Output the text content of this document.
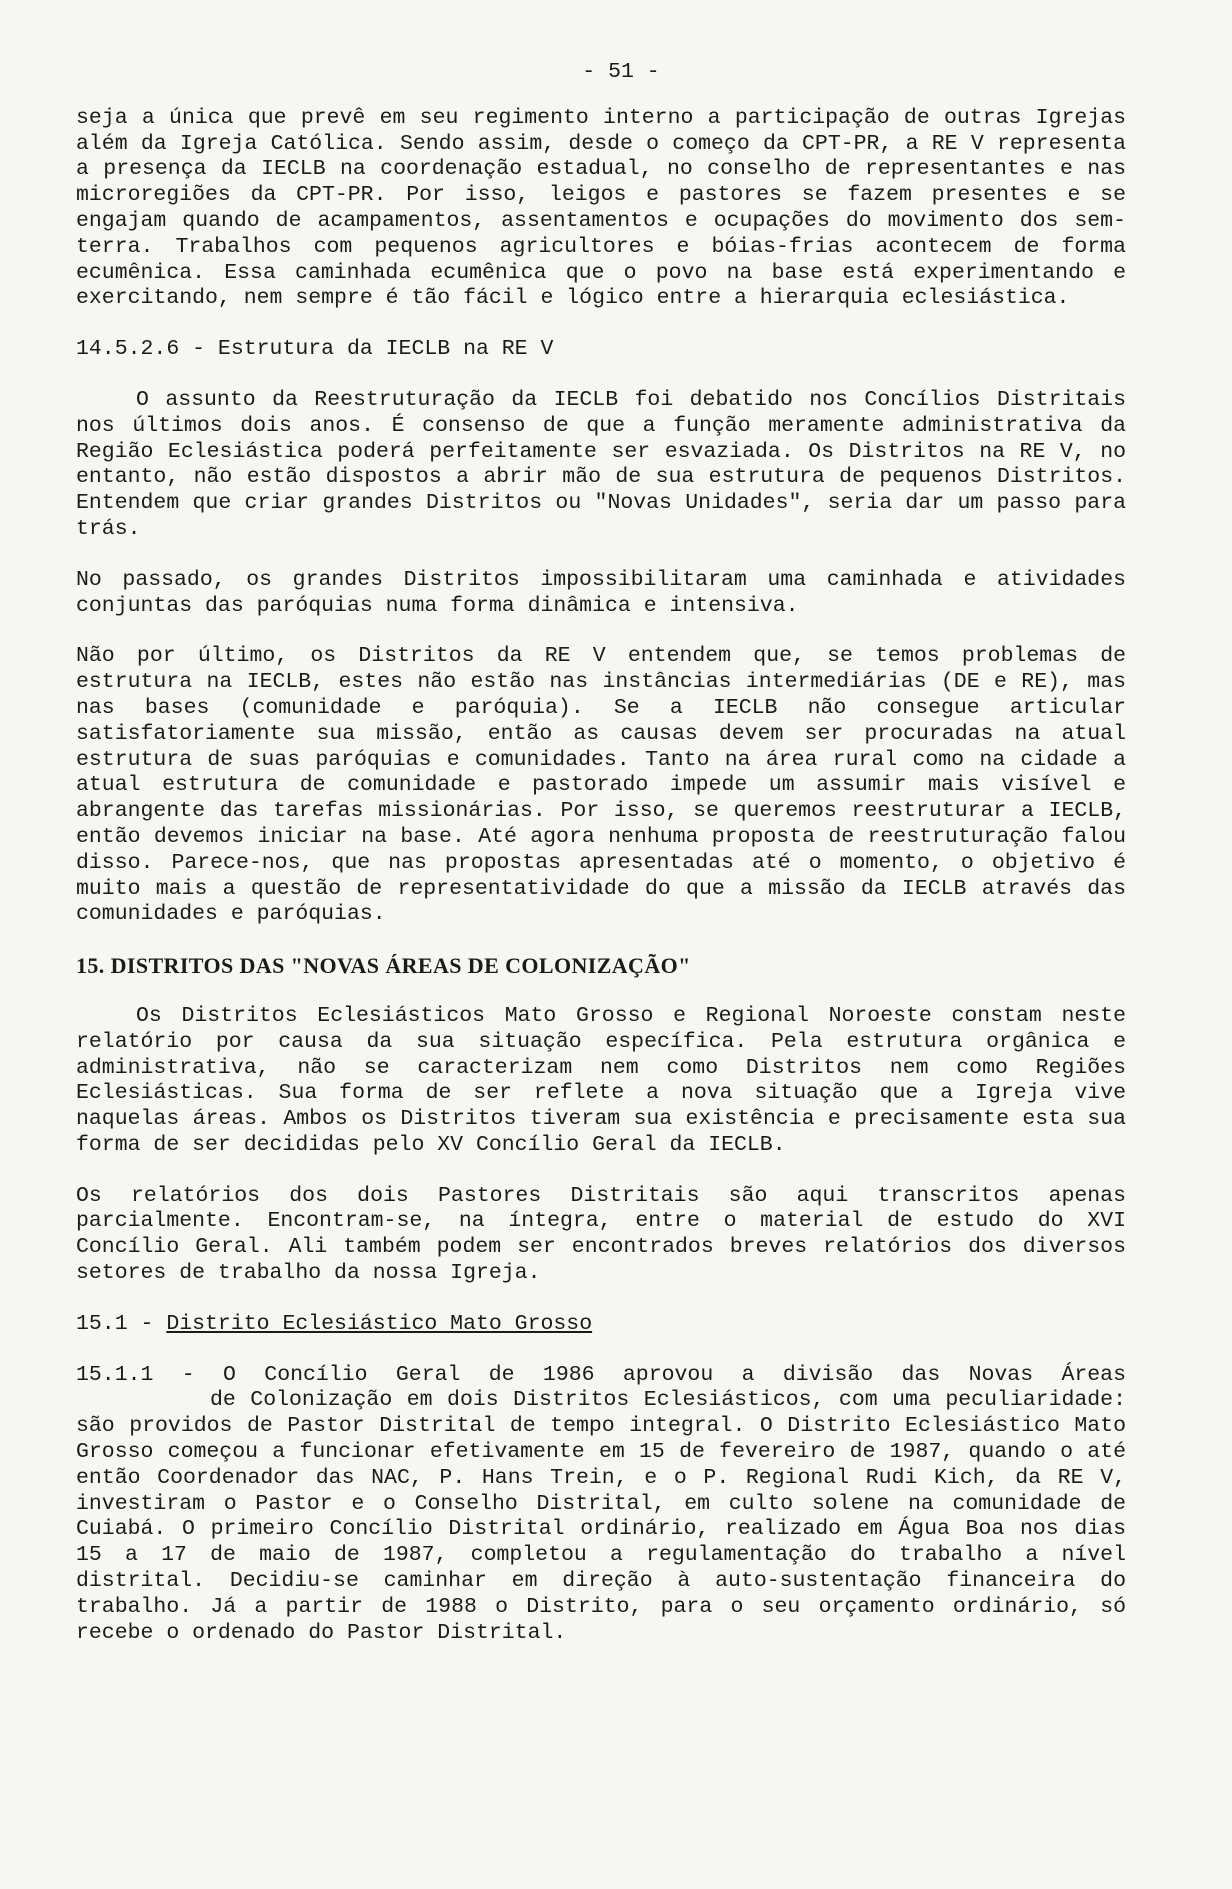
- 51 -

seja a única que prevê em seu regimento interno a participação de outras Igrejas além da Igreja Católica. Sendo assim, desde o começo da CPT-PR, a RE V representa a presença da IECLB na coordenação estadual, no conselho de representantes e nas microregiões da CPT-PR. Por isso, leigos e pastores se fazem presentes e se engajam quando de acampamentos, assentamentos e ocupações do movimento dos sem-terra. Trabalhos com pequenos agricultores e bóias-frias acontecem de forma ecumênica. Essa caminhada ecumênica que o povo na base está experimentando e exercitando, nem sempre é tão fácil e lógico entre a hierarquia eclesiástica.

14.5.2.6 - Estrutura da IECLB na RE V

O assunto da Reestruturação da IECLB foi debatido nos Concílios Distritais nos últimos dois anos. É consenso de que a função meramente administrativa da Região Eclesiástica poderá perfeitamente ser esvaziada. Os Distritos na RE V, no entanto, não estão dispostos a abrir mão de sua estrutura de pequenos Distritos. Entendem que criar grandes Distritos ou "Novas Unidades", seria dar um passo para trás.

No passado, os grandes Distritos impossibilitaram uma caminhada e atividades conjuntas das paróquias numa forma dinâmica e intensiva.

Não por último, os Distritos da RE V entendem que, se temos problemas de estrutura na IECLB, estes não estão nas instâncias intermediárias (DE e RE), mas nas bases (comunidade e paróquia). Se a IECLB não consegue articular satisfatoriamente sua missão, então as causas devem ser procuradas na atual estrutura de suas paróquias e comunidades. Tanto na área rural como na cidade a atual estrutura de comunidade e pastorado impede um assumir mais visível e abrangente das tarefas missionárias. Por isso, se queremos reestruturar a IECLB, então devemos iniciar na base. Até agora nenhuma proposta de reestruturação falou disso. Parece-nos, que nas propostas apresentadas até o momento, o objetivo é muito mais a questão de representatividade do que a missão da IECLB através das comunidades e paróquias.

15. DISTRITOS DAS "NOVAS ÁREAS DE COLONIZAÇÃO"

Os Distritos Eclesiásticos Mato Grosso e Regional Noroeste constam neste relatório por causa da sua situação específica. Pela estrutura orgânica e administrativa, não se caracterizam nem como Distritos nem como Regiões Eclesiásticas. Sua forma de ser reflete a nova situação que a Igreja vive naquelas áreas. Ambos os Distritos tiveram sua existência e precisamente esta sua forma de ser decididas pelo XV Concílio Geral da IECLB.

Os relatórios dos dois Pastores Distritais são aqui transcritos apenas parcialmente. Encontram-se, na íntegra, entre o material de estudo do XVI Concílio Geral. Ali também podem ser encontrados breves relatórios dos diversos setores de trabalho da nossa Igreja.

15.1 - Distrito Eclesiástico Mato Grosso

15.1.1 - O Concílio Geral de 1986 aprovou a divisão das Novas Áreas
de Colonização em dois Distritos Eclesiásticos, com uma peculiaridade: são providos de Pastor Distrital de tempo integral. O Distrito Eclesiástico Mato Grosso começou a funcionar efetivamente em 15 de fevereiro de 1987, quando o até então Coordenador das NAC, P. Hans Trein, e o P. Regional Rudi Kich, da RE V, investiram o Pastor e o Conselho Distrital, em culto solene na comunidade de Cuiabá. O primeiro Concílio Distrital ordinário, realizado em Água Boa nos dias 15 a 17 de maio de 1987, completou a regulamentação do trabalho a nível distrital. Decidiu-se caminhar em direção à auto-sustentação financeira do trabalho. Já a partir de 1988 o Distrito, para o seu orçamento ordinário, só recebe o ordenado do Pastor Distrital.
